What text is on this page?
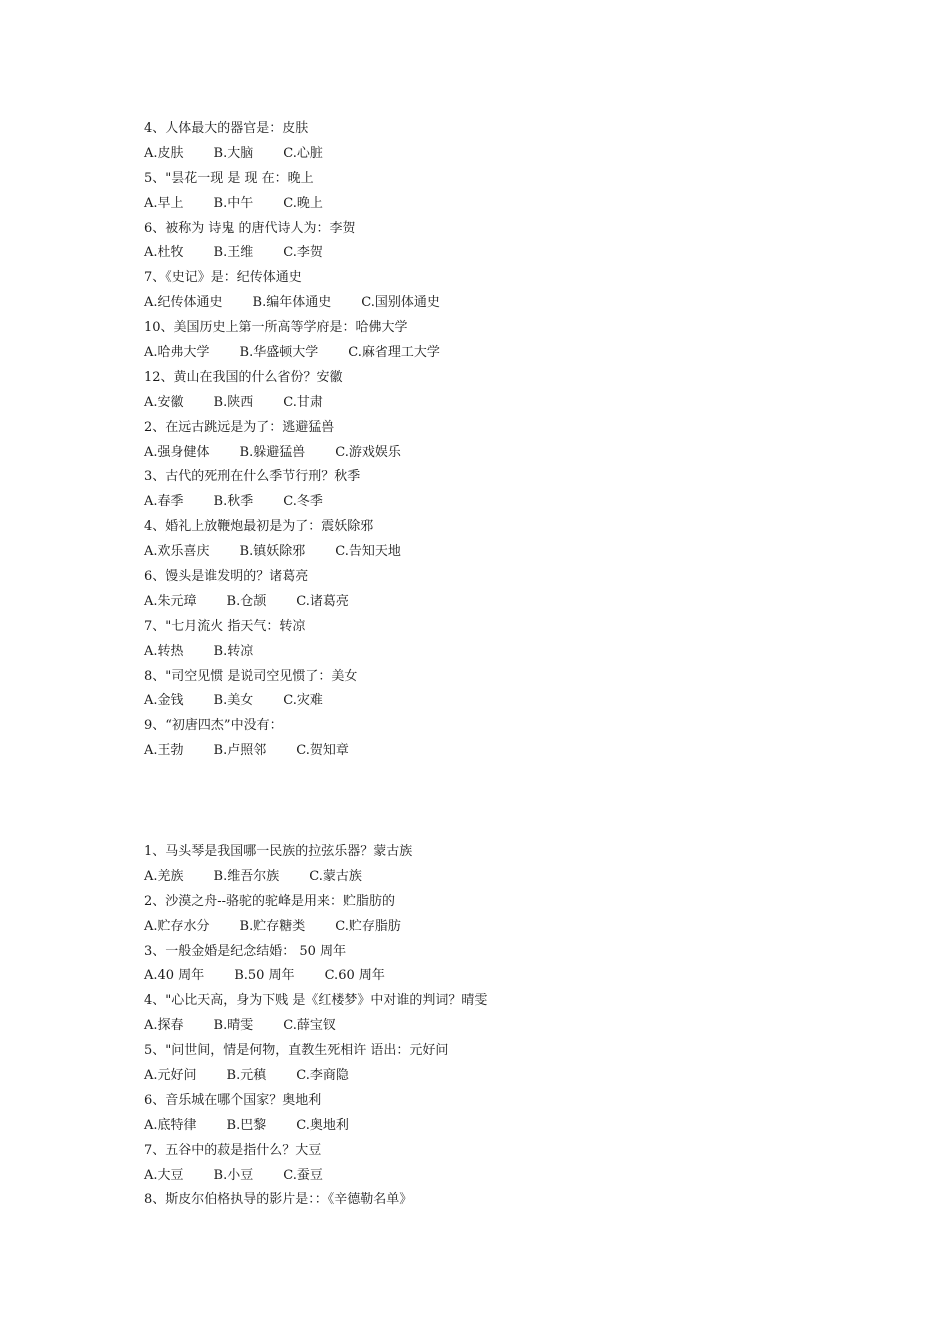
4、人体最大的器官是：皮肤
A.皮肤 B.大脑 C.心脏
5、"昙花一现 是 现 在：晚上
A.早上 B.中午 C.晚上
6、被称为 诗鬼 的唐代诗人为：李贺
A.杜牧 B.王维 C.李贺
7、《史记》是：纪传体通史
A.纪传体通史 B.编年体通史 C.国别体通史
10、美国历史上第一所高等学府是：哈佛大学
A.哈弗大学 B.华盛顿大学 C.麻省理工大学
12、黄山在我国的什么省份？安徽
A.安徽 B.陕西 C.甘肃
2、在远古跳远是为了：逃避猛兽
A.强身健体 B.躲避猛兽 C.游戏娱乐
3、古代的死刑在什么季节行刑？秋季
A.春季 B.秋季 C.冬季
4、婚礼上放鞭炮最初是为了：震妖除邪
A.欢乐喜庆 B.镇妖除邪 C.告知天地
6、馒头是谁发明的？诸葛亮
A.朱元璋 B.仓颉 C.诸葛亮
7、"七月流火 指天气：转凉
A.转热 B.转凉
8、"司空见惯 是说司空见惯了：美女
A.金钱 B.美女 C.灾难
9、“初唐四杰”中没有：
A.王勃 B.卢照邻 C.贺知章
1、马头琴是我国哪一民族的拉弦乐器？蒙古族
A.羌族 B.维吾尔族 C.蒙古族
2、沙漠之舟--骆驼的驼峰是用来：贮脂肪的
A.贮存水分 B.贮存糖类 C.贮存脂肪
3、一般金婚是纪念结婚： 50 周年
A.40 周年 B.50 周年 C.60 周年
4、"心比天高，身为下贱 是《红楼梦》中对谁的判词？晴雯
A.探春 B.晴雯 C.薛宝钗
5、"问世间，情是何物，直教生死相许 语出：元好问
A.元好问 B.元稹 C.李商隐
6、音乐城在哪个国家？奥地利
A.底特律 B.巴黎 C.奥地利
7、五谷中的菽是指什么？大豆
A.大豆 B.小豆 C.蚕豆
8、斯皮尔伯格执导的影片是：：《辛德勒名单》
